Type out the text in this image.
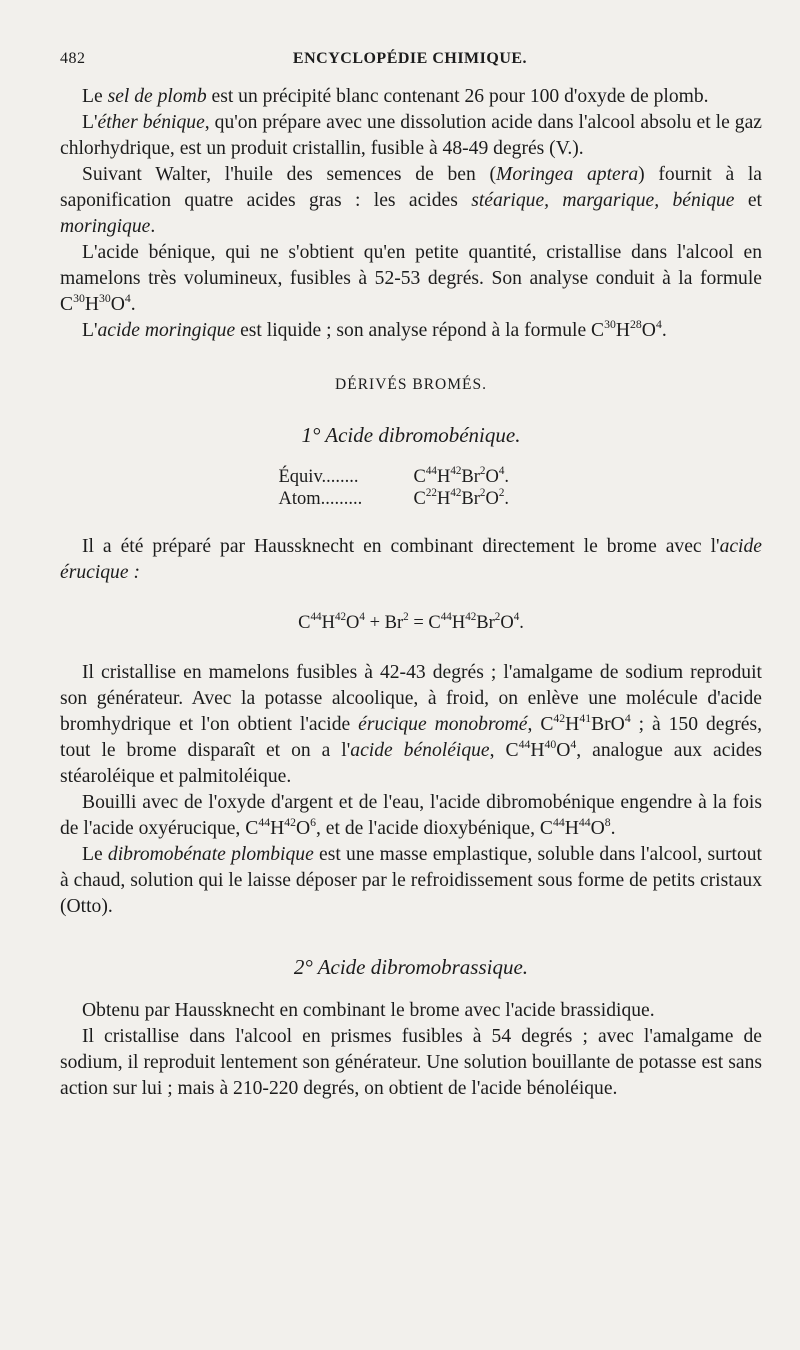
482	ENCYCLOPÉDIE CHIMIQUE.

Le sel de plomb est un précipité blanc contenant 26 pour 100 d'oxyde de plomb.

L'éther bénique, qu'on prépare avec une dissolution acide dans l'alcool absolu et le gaz chlorhydrique, est un produit cristallin, fusible à 48-49 degrés (V.).

Suivant Walter, l'huile des semences de ben (Moringea aptera) fournit à la saponification quatre acides gras : les acides stéarique, margarique, bénique et moringique.

L'acide bénique, qui ne s'obtient qu'en petite quantité, cristallise dans l'alcool en mamelons très volumineux, fusibles à 52-53 degrés. Son analyse conduit à la formule $C^{30}H^{30}O^4$.

L'acide moringique est liquide ; son analyse répond à la formule $C^{30}H^{28}O^4$.

DÉRIVÉS BROMÉS.
1° Acide dibromobénique.
Équiv........	$C^{44}H^{42}Br^2O^4$.
Atom.........	$C^{22}H^{42}Br^2O^2$.

Il a été préparé par Haussknecht en combinant directement le brome avec l'acide érucique :

$C^{44}H^{42}O^4 + Br^2 = C^{44}H^{42}Br^2O^4$.

Il cristallise en mamelons fusibles à 42-43 degrés ; l'amalgame de sodium reproduit son générateur. Avec la potasse alcoolique, à froid, on enlève une molécule d'acide bromhydrique et l'on obtient l'acide érucique monobromé, $C^{42}H^{41}BrO^4$ ; à 150 degrés, tout le brome disparaît et on a l'acide bénoléique, $C^{44}H^{40}O^4$, analogue aux acides stéaroléique et palmitoléique.

Bouilli avec de l'oxyde d'argent et de l'eau, l'acide dibromobénique engendre à la fois de l'acide oxyérucique, $C^{44}H^{42}O^6$, et de l'acide dioxybénique, $C^{44}H^{44}O^8$.

Le dibromobénate plombique est une masse emplastique, soluble dans l'alcool, surtout à chaud, solution qui le laisse déposer par le refroidissement sous forme de petits cristaux (Otto).

2° Acide dibromobrassique.

Obtenu par Haussknecht en combinant le brome avec l'acide brassidique.

Il cristallise dans l'alcool en prismes fusibles à 54 degrés ; avec l'amalgame de sodium, il reproduit lentement son générateur. Une solution bouillante de potasse est sans action sur lui ; mais à 210-220 degrés, on obtient de l'acide bénoléique.
